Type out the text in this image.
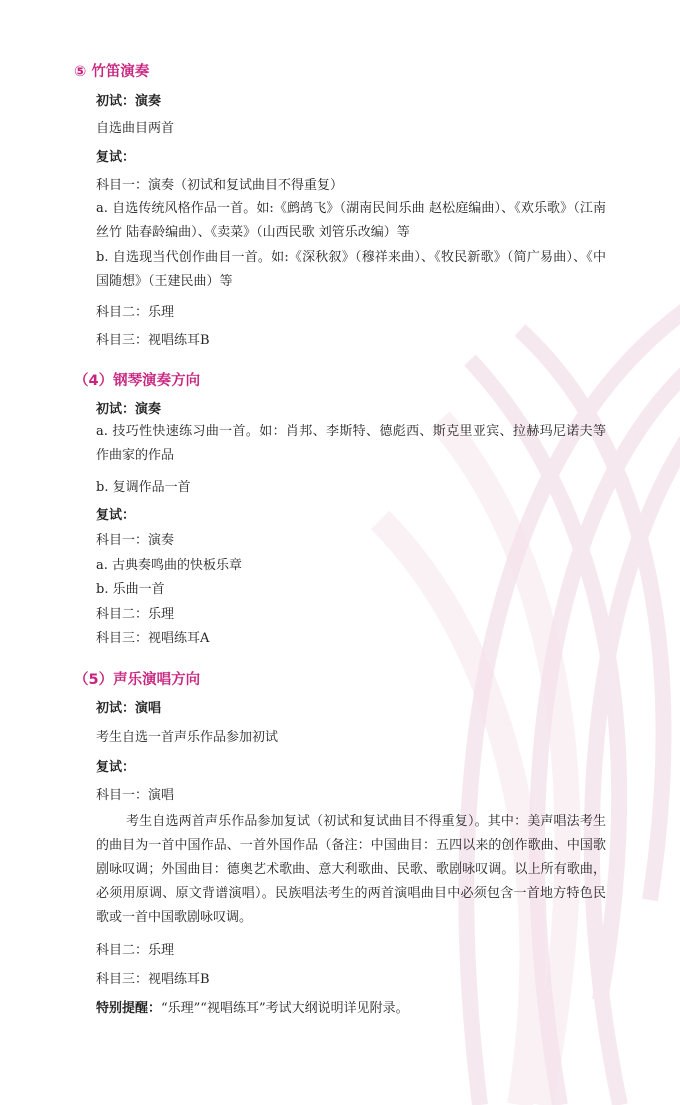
⑤ 竹笛演奏
初试：演奏
自选曲目两首
复试：
科目一：演奏（初试和复试曲目不得重复）
a. 自选传统风格作品一首。如:《鹧鸪飞》（湖南民间乐曲 赵松庭编曲）、《欢乐歌》（江南丝竹 陆春龄编曲）、《卖菜》（山西民歌 刘管乐改编）等
b. 自选现当代创作曲目一首。如:《深秋叙》（穆祥来曲）、《牧民新歌》（简广易曲）、《中国随想》（王建民曲）等
科目二：乐理
科目三：视唱练耳B
（4）钢琴演奏方向
初试：演奏
a. 技巧性快速练习曲一首。如：肖邦、李斯特、德彪西、斯克里亚宾、拉赫玛尼诺夫等作曲家的作品
b. 复调作品一首
复试：
科目一：演奏
a. 古典奏鸣曲的快板乐章
b. 乐曲一首
科目二：乐理
科目三：视唱练耳A
（5）声乐演唱方向
初试：演唱
考生自选一首声乐作品参加初试
复试：
科目一：演唱
考生自选两首声乐作品参加复试（初试和复试曲目不得重复）。其中：美声唱法考生的曲目为一首中国作品、一首外国作品（备注：中国曲目：五四以来的创作歌曲、中国歌剧咏叹调；外国曲目：德奥艺术歌曲、意大利歌曲、民歌、歌剧咏叹调。以上所有歌曲，必须用原调、原文背谱演唱）。民族唱法考生的两首演唱曲目中必须包含一首地方特色民歌或一首中国歌剧咏叹调。
科目二：乐理
科目三：视唱练耳B
特别提醒：“乐理”“视唱练耳”考试大纲说明详见附录。
